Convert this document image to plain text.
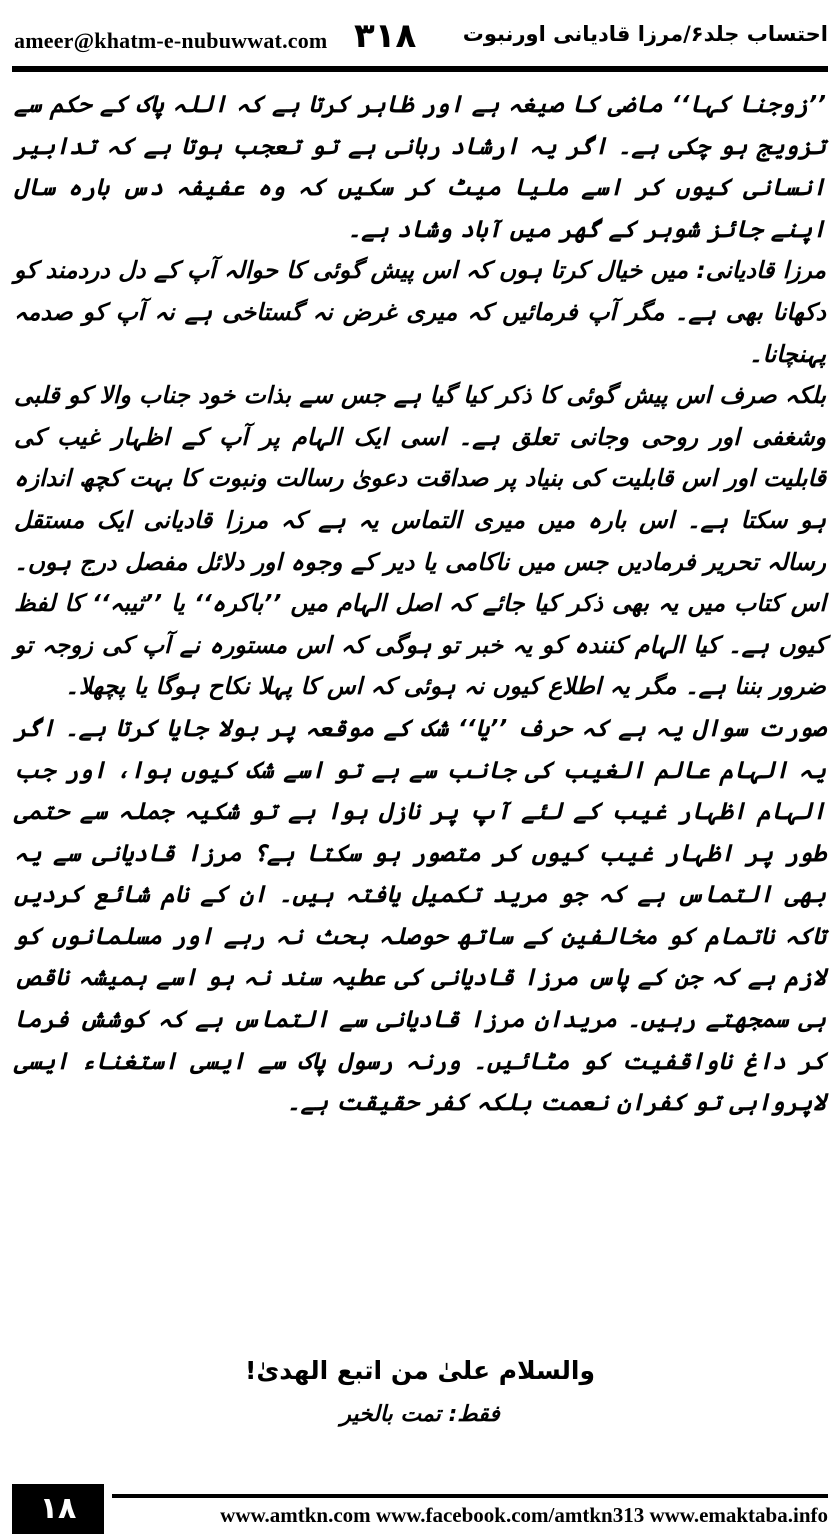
ameer@khatm-e-nubuwwat.com ۳۱۸ احتساب جلد۶/مرزا قادیانی اورنبوت

’’زوجنا کہا‘‘ ماضی کا صیغہ ہے اور ظاہر کرتا ہے کہ اللہ پاک کے حکم سے تزویج ہو چکی ہے۔ اگر یہ ارشاد ربانی ہے تو تعجب ہوتا ہے کہ تدابیر انسانی کیوں کر اسے ملیا میٹ کر سکیں کہ وہ عفیفہ دس بارہ سال اپنے جائز شوہر کے گھر میں آباد وشاد ہے۔

مرزا قادیانی: میں خیال کرتا ہوں کہ اس پیش گوئی کا حوالہ آپ کے دل دردمند کو دکھانا بھی ہے۔ مگر آپ فرمائیں کہ میری غرض نہ گستاخی ہے نہ آپ کو صدمہ پہنچانا۔

بلکہ صرف اس پیش گوئی کا ذکر کیا گیا ہے جس سے بذات خود جناب والا کو قلبی وشغفی اور روحی وجانی تعلق ہے۔ اسی ایک الہام پر آپ کے اظہار غیب کی قابلیت اور اس قابلیت کی بنیاد پر صداقت دعویٰ رسالت ونبوت کا بہت کچھ اندازہ ہو سکتا ہے۔ اس بارہ میں میری التماس یہ ہے کہ مرزا قادیانی ایک مستقل رسالہ تحریر فرمادیں جس میں ناکامی یا دیر کے وجوہ اور دلائل مفصل درج ہوں۔ اس کتاب میں یہ بھی ذکر کیا جائے کہ اصل الہام میں ’’باکرہ‘‘ یا ’’ثیبہ‘‘ کا لفظ کیوں ہے۔ کیا الہام کنندہ کو یہ خبر تو ہوگی کہ اس مستورہ نے آپ کی زوجہ تو ضرور بننا ہے۔ مگر یہ اطلاع کیوں نہ ہوئی کہ اس کا پہلا نکاح ہوگا یا پچھلا۔

صورت سوال یہ ہے کہ حرف ’’یا‘‘ شک کے موقعہ پر بولا جایا کرتا ہے۔ اگر یہ الہام عالم الغیب کی جانب سے ہے تو اسے شک کیوں ہوا، اور جب الہام اظہار غیب کے لئے آپ پر نازل ہوا ہے تو شکیہ جملہ سے حتمی طور پر اظہار غیب کیوں کر متصور ہو سکتا ہے؟ مرزا قادیانی سے یہ بھی التماس ہے کہ جو مرید تکمیل یافتہ ہیں۔ ان کے نام شائع کردیں تاکہ ناتمام کو مخالفین کے ساتھ حوصلہ بحث نہ رہے اور مسلمانوں کو لازم ہے کہ جن کے پاس مرزا قادیانی کی عطیہ سند نہ ہو اسے ہمیشہ ناقص ہی سمجھتے رہیں۔ مریدان مرزا قادیانی سے التماس ہے کہ کوشش فرما کر داغ ناواقفیت کو مٹائیں۔ ورنہ رسول پاک سے ایسی استغناء ایسی لاپرواہی تو کفران نعمت بلکہ کفر حقیقت ہے۔

والسلام علیٰ من اتبع الھدیٰ!
فقط: تمت بالخیر
۱۸	www.amtkn.com www.facebook.com/amtkn313 www.emaktaba.info
